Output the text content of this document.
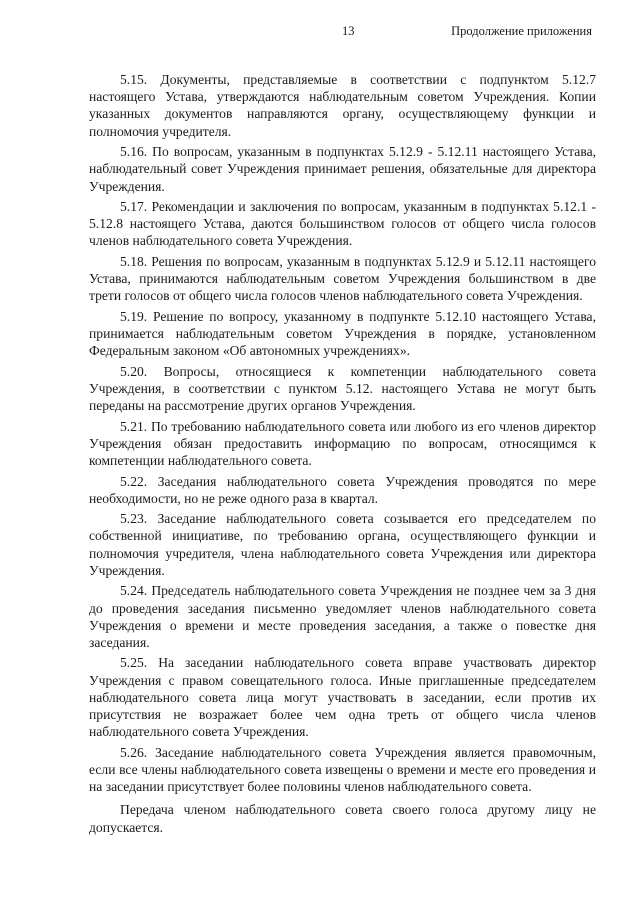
13	Продолжение приложения

5.15. Документы, представляемые в соответствии с подпунктом 5.12.7 настоящего Устава, утверждаются наблюдательным советом Учреждения. Копии указанных документов направляются органу, осуществляющему функции и полномочия учредителя.

5.16. По вопросам, указанным в подпунктах 5.12.9 - 5.12.11 настоящего Устава, наблюдательный совет Учреждения принимает решения, обязательные для директора Учреждения.

5.17. Рекомендации и заключения по вопросам, указанным в подпунктах 5.12.1 - 5.12.8 настоящего Устава, даются большинством голосов от общего числа голосов членов наблюдательного совета Учреждения.

5.18. Решения по вопросам, указанным в подпунктах 5.12.9 и 5.12.11 настоящего Устава, принимаются наблюдательным советом Учреждения большинством в две трети голосов от общего числа голосов членов наблюдательного совета Учреждения.

5.19. Решение по вопросу, указанному в подпункте 5.12.10 настоящего Устава, принимается наблюдательным советом Учреждения в порядке, установленном Федеральным законом «Об автономных учреждениях».

5.20. Вопросы, относящиеся к компетенции наблюдательного совета Учреждения, в соответствии с пунктом 5.12. настоящего Устава не могут быть переданы на рассмотрение других органов Учреждения.

5.21. По требованию наблюдательного совета или любого из его членов директор Учреждения обязан предоставить информацию по вопросам, относящимся к компетенции наблюдательного совета.

5.22. Заседания наблюдательного совета Учреждения проводятся по мере необходимости, но не реже одного раза в квартал.

5.23. Заседание наблюдательного совета созывается его председателем по собственной инициативе, по требованию органа, осуществляющего функции и полномочия учредителя, члена наблюдательного совета Учреждения или директора Учреждения.

5.24. Председатель наблюдательного совета Учреждения не позднее чем за 3 дня до проведения заседания письменно уведомляет членов наблюдательного совета Учреждения о времени и месте проведения заседания, а также о повестке дня заседания.

5.25. На заседании наблюдательного совета вправе участвовать директор Учреждения с правом совещательного голоса. Иные приглашенные председателем наблюдательного совета лица могут участвовать в заседании, если против их присутствия не возражает более чем одна треть от общего числа членов наблюдательного совета Учреждения.

5.26. Заседание наблюдательного совета Учреждения является правомочным, если все члены наблюдательного совета извещены о времени и месте его проведения и на заседании присутствует более половины членов наблюдательного совета.

Передача членом наблюдательного совета своего голоса другому лицу не допускается.
